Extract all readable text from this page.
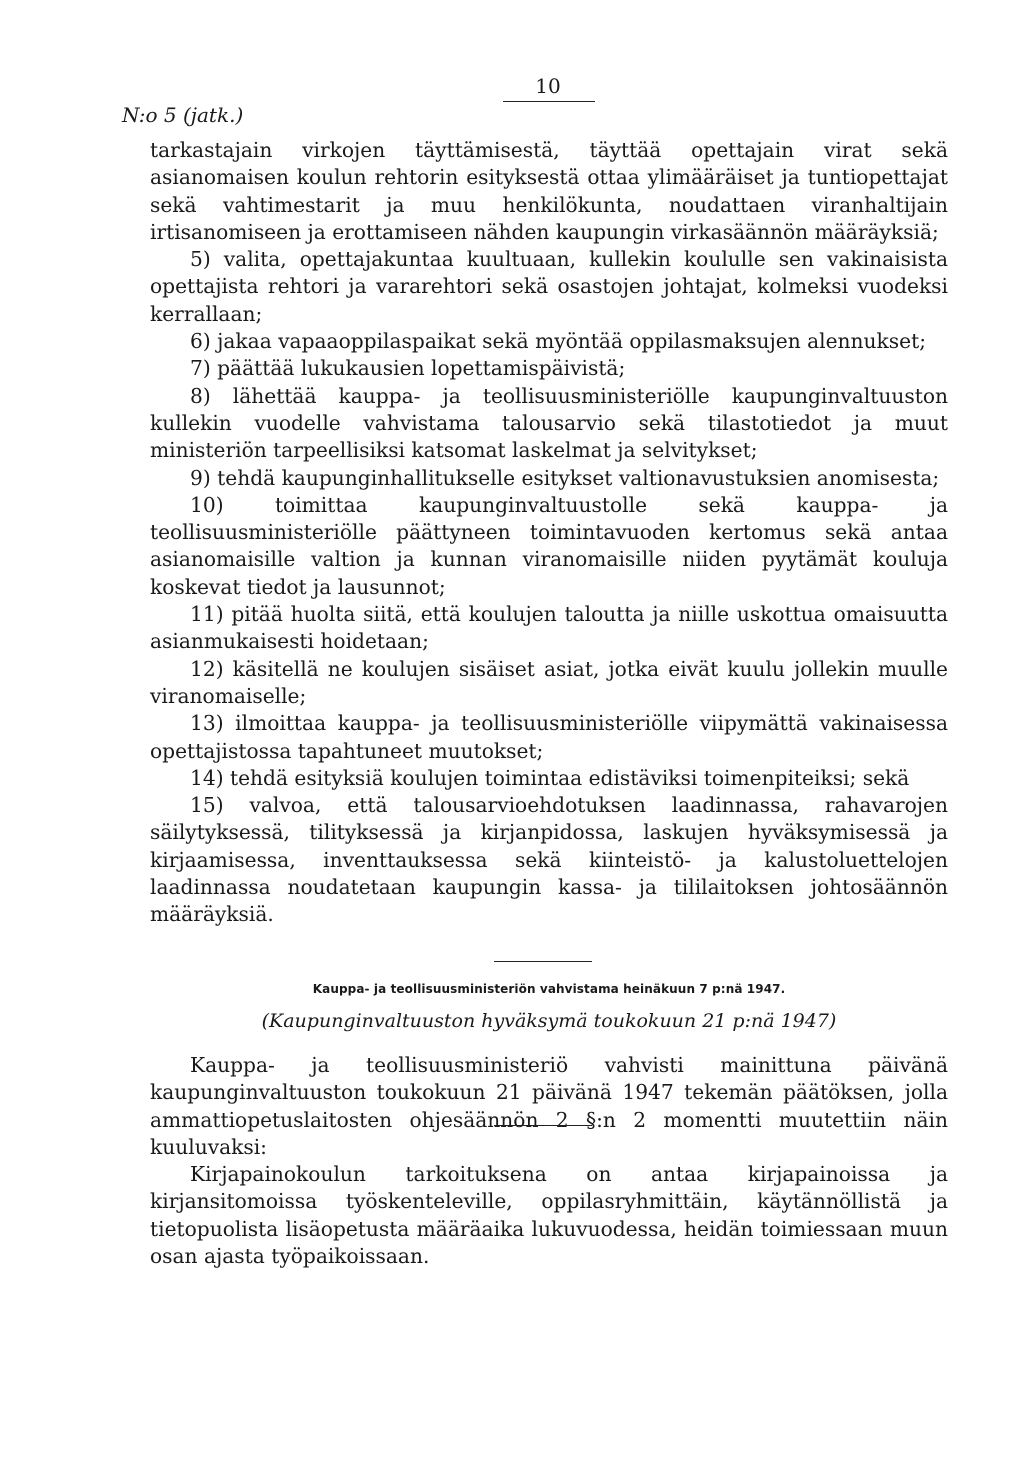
10
N:o 5 (jatk.)

tarkastajain virkojen täyttämisestä, täyttää opettajain virat sekä asianomaisen koulun rehtorin esityksestä ottaa ylimääräiset ja tuntiopettajat sekä vahtimestarit ja muu henkilökunta, noudattaen viranhaltijain irtisanomiseen ja erottamiseen nähden kaupungin virkasäännön määräyksiä;

5) valita, opettajakuntaa kuultuaan, kullekin koululle sen vakinaisista opettajista rehtori ja vararehtori sekä osastojen johtajat, kolmeksi vuodeksi kerrallaan;

6) jakaa vapaaoppilaspaikat sekä myöntää oppilasmaksujen alennukset;

7) päättää lukukausien lopettamispäivistä;

8) lähettää kauppa- ja teollisuusministeriölle kaupunginvaltuuston kullekin vuodelle vahvistama talousarvio sekä tilastotiedot ja muut ministeriön tarpeellisiksi katsomat laskelmat ja selvitykset;

9) tehdä kaupunginhallitukselle esitykset valtionavustuksien anomisesta;

10) toimittaa kaupunginvaltuustolle sekä kauppa- ja teollisuusministeriölle päättyneen toimintavuoden kertomus sekä antaa asianomaisille valtion ja kunnan viranomaisille niiden pyytämät kouluja koskevat tiedot ja lausunnot;

11) pitää huolta siitä, että koulujen taloutta ja niille uskottua omaisuutta asianmukaisesti hoidetaan;

12) käsitellä ne koulujen sisäiset asiat, jotka eivät kuulu jollekin muulle viranomaiselle;

13) ilmoittaa kauppa- ja teollisuusministeriölle viipymättä vakinaisessa opettajistossa tapahtuneet muutokset;

14) tehdä esityksiä koulujen toimintaa edistäviksi toimenpiteiksi; sekä

15) valvoa, että talousarvioehdotuksen laadinnassa, rahavarojen säilytyksessä, tilityksessä ja kirjanpidossa, laskujen hyväksymisessä ja kirjaamisessa, inventtauksessa sekä kiinteistö- ja kalustoluettelojen laadinnassa noudatetaan kaupungin kassa- ja tililaitoksen johtosäännön määräyksiä.

Kauppa- ja teollisuusministeriön vahvistama heinäkuun 7 p:nä 1947.
(Kaupunginvaltuuston hyväksymä toukokuun 21 p:nä 1947)

Kauppa- ja teollisuusministeriö vahvisti mainittuna päivänä kaupunginvaltuuston toukokuun 21 päivänä 1947 tekemän päätöksen, jolla ammattiopetuslaitosten ohjesäännön 2 §:n 2 momentti muutettiin näin kuuluvaksi:

Kirjapainokoulun tarkoituksena on antaa kirjapainoissa ja kirjansitomoissa työskenteleville, oppilasryhmittäin, käytännöllistä ja tietopuolista lisäopetusta määräaika lukuvuodessa, heidän toimiessaan muun osan ajasta työpaikoissaan.
